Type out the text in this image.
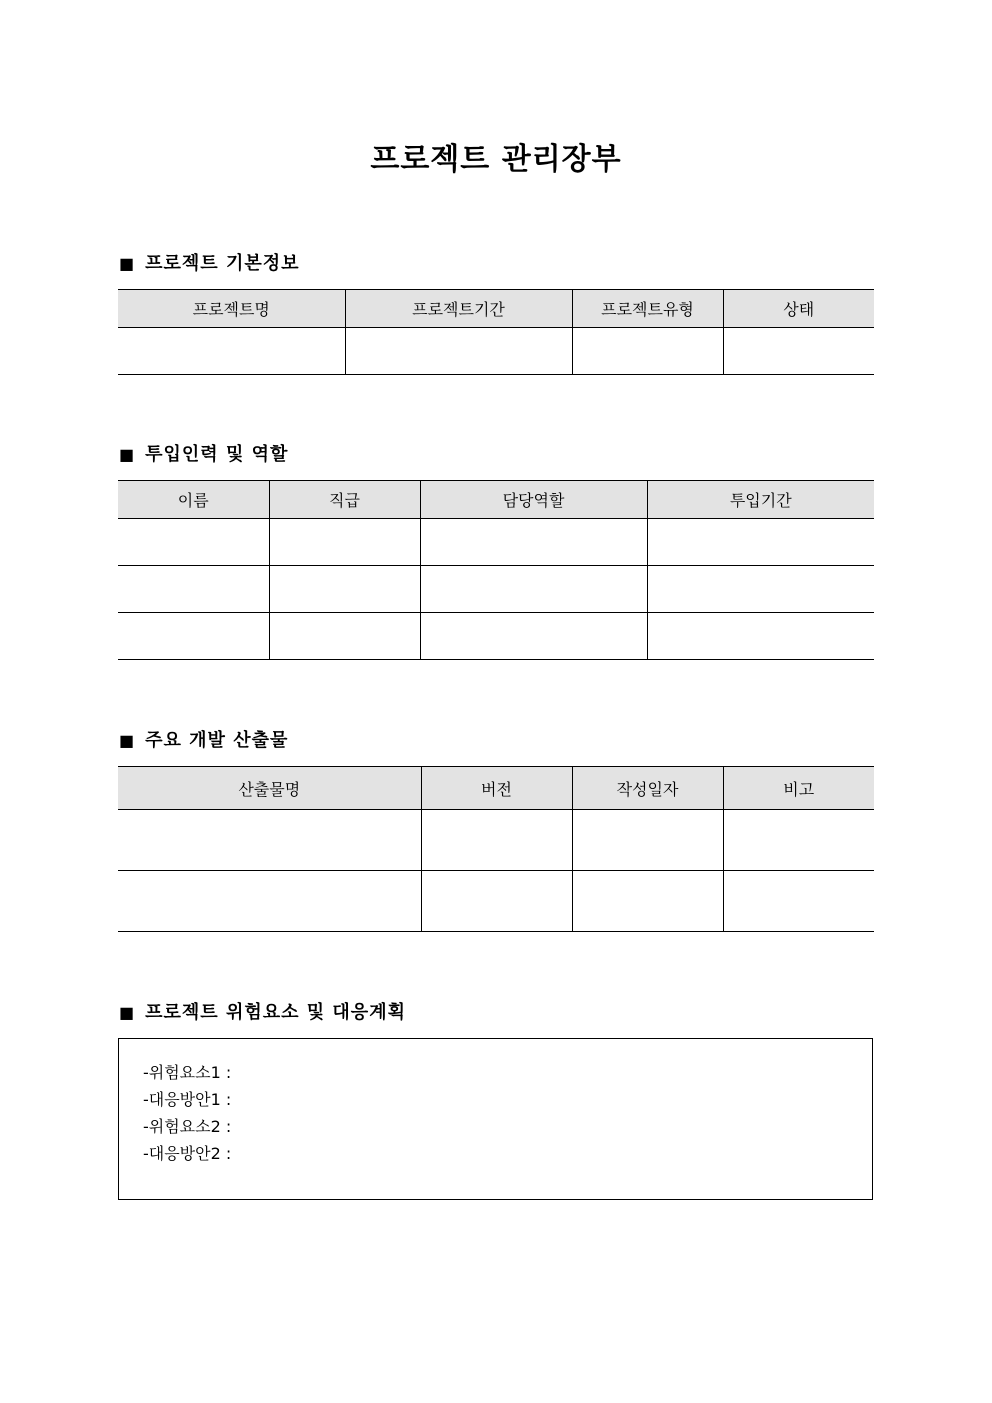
프로젝트 관리장부
■ 프로젝트 기본정보
프로젝트명	프로젝트기간	프로젝트유형	상태

■ 투입인력 및 역할
이름	직급	담당역할	투입기간

■ 주요 개발 산출물
산출물명	버전	작성일자	비고

■ 프로젝트 위험요소 및 대응계획
-위험요소1 :
-대응방안1 :
-위험요소2 :
-대응방안2 :
